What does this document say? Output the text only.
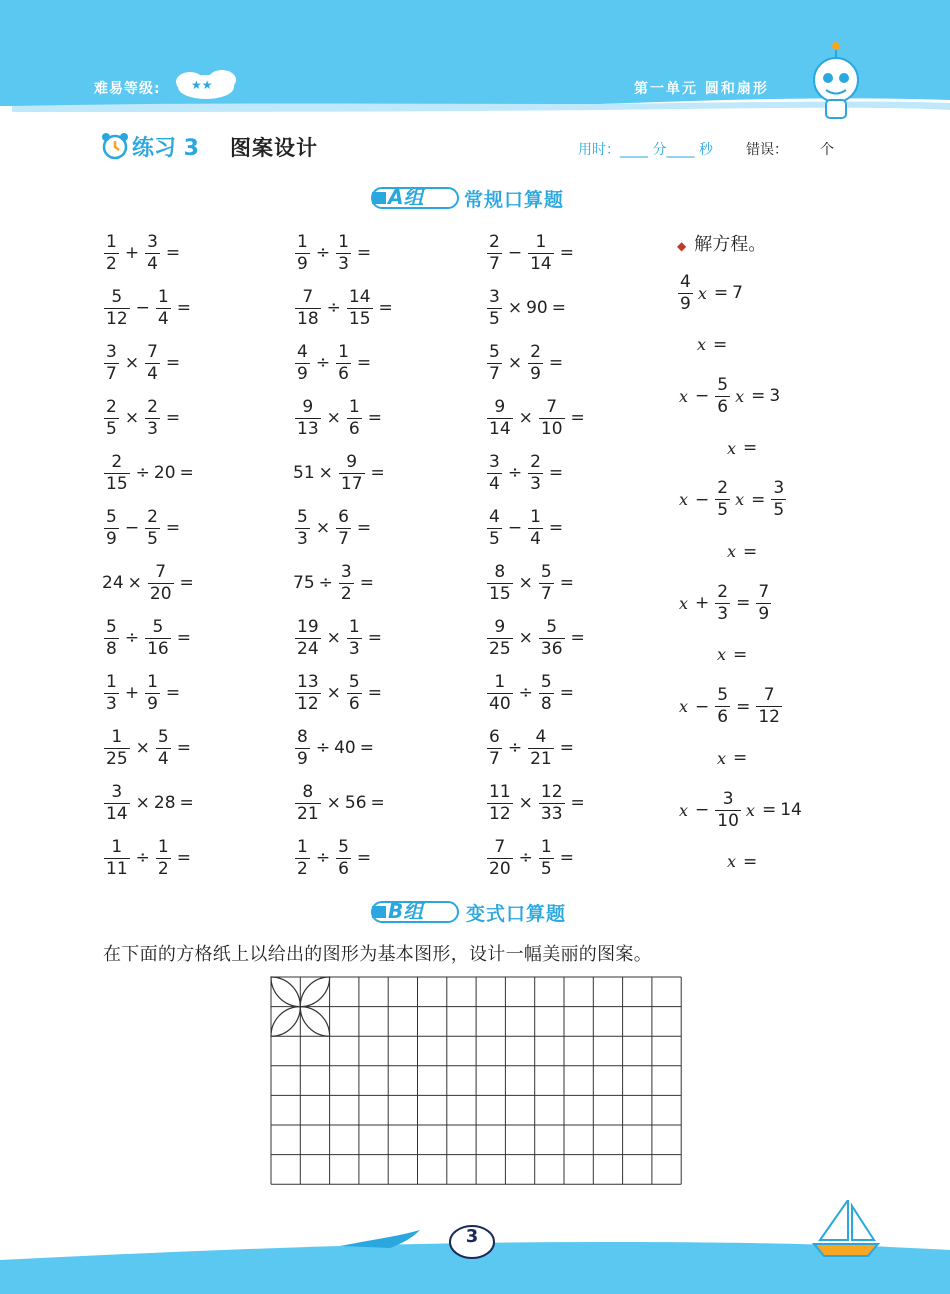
难易等级:	★★	第一单元 圆和扇形
练习 3 图案设计	用时：____ 分____ 秒 错误： 个
A组 常规口算题
$\frac{1}{2} + \frac{3}{4}$ =
$\frac{5}{12} - \frac{1}{4}$ =
$\frac{3}{7} \times \frac{7}{4}$ =
$\frac{2}{5} \times \frac{2}{3}$ =
$\frac{2}{15} \div 20$ =
$\frac{5}{9} - \frac{2}{5}$ =
$24 \times \frac{7}{20}$ =
$\frac{5}{8} \div \frac{5}{16}$ =
$\frac{1}{3} + \frac{1}{9}$ =
$\frac{1}{25} \times \frac{5}{4}$ =
$\frac{3}{14} \times 28$ =
$\frac{1}{11} \div \frac{1}{2}$ =
$\frac{1}{9} \div \frac{1}{3}$ =
$\frac{7}{18} \div \frac{14}{15}$ =
$\frac{4}{9} \div \frac{1}{6}$ =
$\frac{9}{13} \times \frac{1}{6}$ =
$51 \times \frac{9}{17}$ =
$\frac{5}{3} \times \frac{6}{7}$ =
$75 \div \frac{3}{2}$ =
$\frac{19}{24} \times \frac{1}{3}$ =
$\frac{13}{12} \times \frac{5}{6}$ =
$\frac{8}{9} \div 40$ =
$\frac{8}{21} \times 56$ =
$\frac{1}{2} \div \frac{5}{6}$ =
$\frac{2}{7} - \frac{1}{14}$ =
$\frac{3}{5} \times 90$ =
$\frac{5}{7} \times \frac{2}{9}$ =
$\frac{9}{14} \times \frac{7}{10}$ =
$\frac{3}{4} \div \frac{2}{3}$ =
$\frac{4}{5} - \frac{1}{4}$ =
$\frac{8}{15} \times \frac{5}{7}$ =
$\frac{9}{25} \times \frac{5}{36}$ =
$\frac{1}{40} \div \frac{5}{8}$ =
$\frac{6}{7} \div \frac{4}{21}$ =
$\frac{11}{12} \times \frac{12}{33}$ =
$\frac{7}{20} \div \frac{1}{5}$ =
◆ 解方程。
$\frac{4}{9}$ x = 7
x =
$x - \frac{5}{6}$ x = 3
x =
$x - \frac{2}{5}$ $x = \frac{3}{5}$
x =
$x + \frac{2}{3} = \frac{7}{9}$
x =
$x - \frac{5}{6} = \frac{7}{12}$
x =
$x - \frac{3}{10}$ x = 14
x =
B组 变式口算题
在下面的方格纸上以给出的图形为基本图形，设计一幅美丽的图案。
3
